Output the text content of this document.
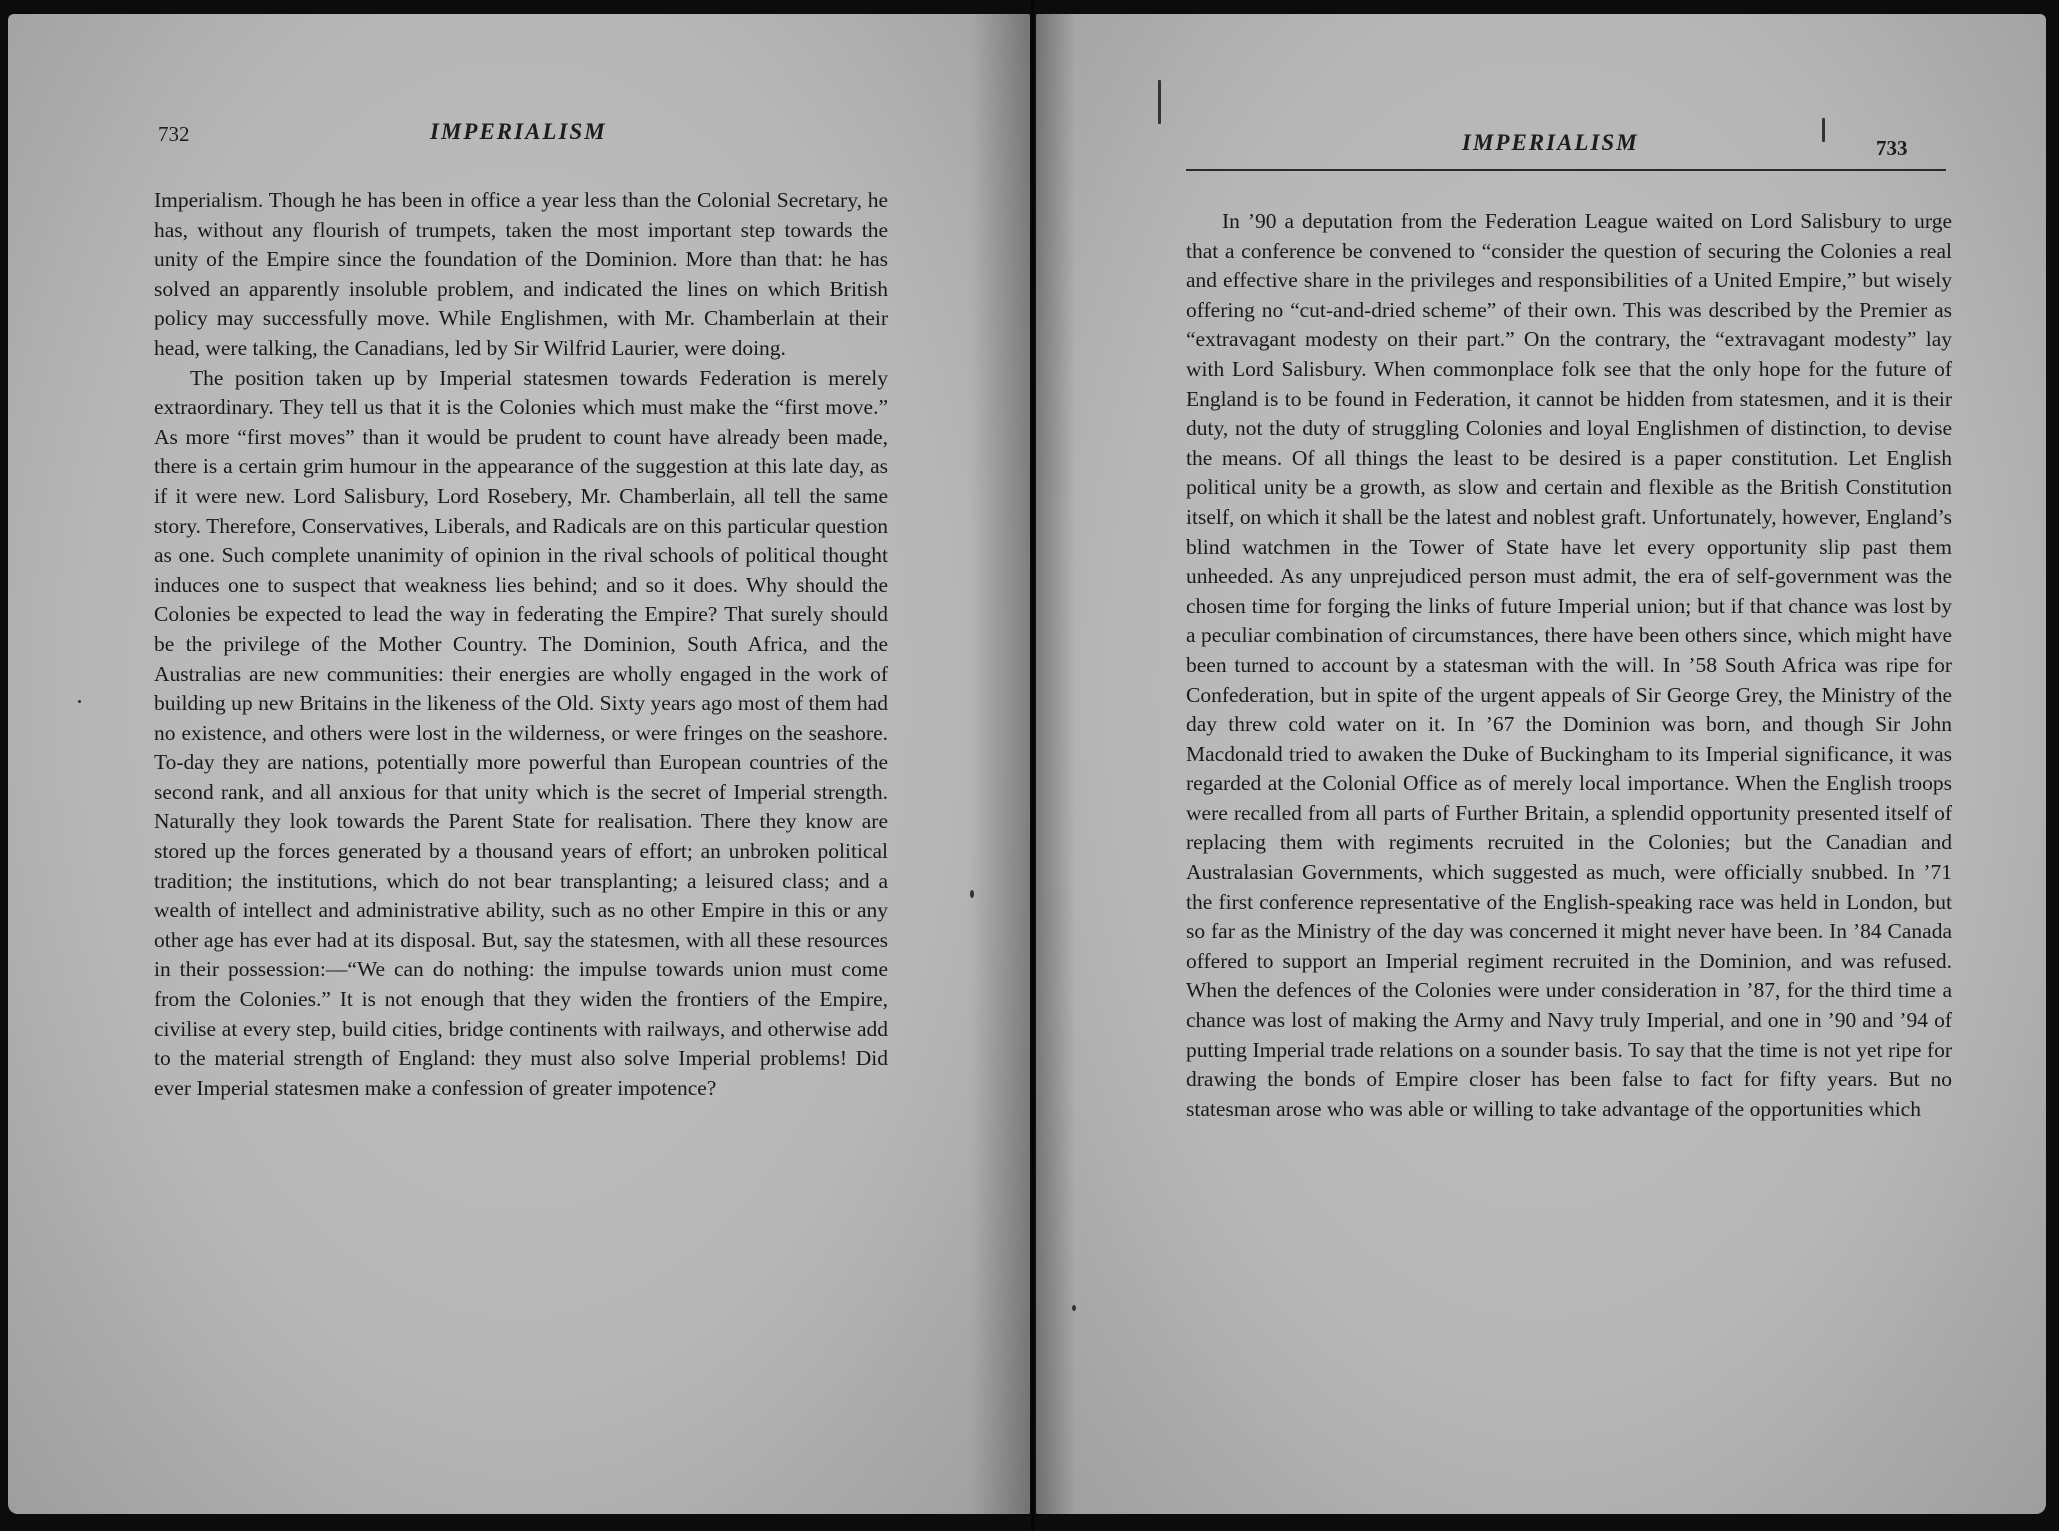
732	IMPERIALISM

Imperialism. Though he has been in office a year less than the Colonial Secretary, he has, without any flourish of trumpets, taken the most important step towards the unity of the Empire since the foundation of the Dominion. More than that: he has solved an apparently insoluble problem, and indicated the lines on which British policy may successfully move. While Englishmen, with Mr. Chamberlain at their head, were talking, the Canadians, led by Sir Wilfrid Laurier, were doing.

The position taken up by Imperial statesmen towards Federation is merely extraordinary. They tell us that it is the Colonies which must make the “first move.” As more “first moves” than it would be prudent to count have already been made, there is a certain grim humour in the appearance of the suggestion at this late day, as if it were new. Lord Salisbury, Lord Rosebery, Mr. Chamberlain, all tell the same story. Therefore, Conservatives, Liberals, and Radicals are on this particular question as one. Such complete unanimity of opinion in the rival schools of political thought induces one to suspect that weakness lies behind; and so it does. Why should the Colonies be expected to lead the way in federating the Empire? That surely should be the privilege of the Mother Country. The Dominion, South Africa, and the Australias are new communities: their energies are wholly engaged in the work of building up new Britains in the likeness of the Old. Sixty years ago most of them had no existence, and others were lost in the wilderness, or were fringes on the seashore. To-day they are nations, potentially more powerful than European countries of the second rank, and all anxious for that unity which is the secret of Imperial strength. Naturally they look towards the Parent State for realisation. There they know are stored up the forces generated by a thousand years of effort; an unbroken political tradition; the institutions, which do not bear transplanting; a leisured class; and a wealth of intellect and administrative ability, such as no other Empire in this or any other age has ever had at its disposal. But, say the statesmen, with all these resources in their possession:—“We can do nothing: the impulse towards union must come from the Colonies.” It is not enough that they widen the frontiers of the Empire, civilise at every step, build cities, bridge continents with railways, and otherwise add to the material strength of England: they must also solve Imperial problems! Did ever Imperial statesmen make a confession of greater impotence?

IMPERIALISM	733

In ’90 a deputation from the Federation League waited on Lord Salisbury to urge that a conference be convened to “consider the question of securing the Colonies a real and effective share in the privileges and responsibilities of a United Empire,” but wisely offering no “cut-and-dried scheme” of their own. This was described by the Premier as “extravagant modesty on their part.” On the contrary, the “extravagant modesty” lay with Lord Salisbury. When commonplace folk see that the only hope for the future of England is to be found in Federation, it cannot be hidden from statesmen, and it is their duty, not the duty of struggling Colonies and loyal Englishmen of distinction, to devise the means. Of all things the least to be desired is a paper constitution. Let English political unity be a growth, as slow and certain and flexible as the British Constitution itself, on which it shall be the latest and noblest graft. Unfortunately, however, England’s blind watchmen in the Tower of State have let every opportunity slip past them unheeded. As any unprejudiced person must admit, the era of self-government was the chosen time for forging the links of future Imperial union; but if that chance was lost by a peculiar combination of circumstances, there have been others since, which might have been turned to account by a statesman with the will. In ’58 South Africa was ripe for Confederation, but in spite of the urgent appeals of Sir George Grey, the Ministry of the day threw cold water on it. In ’67 the Dominion was born, and though Sir John Macdonald tried to awaken the Duke of Buckingham to its Imperial significance, it was regarded at the Colonial Office as of merely local importance. When the English troops were recalled from all parts of Further Britain, a splendid opportunity presented itself of replacing them with regiments recruited in the Colonies; but the Canadian and Australasian Governments, which suggested as much, were officially snubbed. In ’71 the first conference representative of the English-speaking race was held in London, but so far as the Ministry of the day was concerned it might never have been. In ’84 Canada offered to support an Imperial regiment recruited in the Dominion, and was refused. When the defences of the Colonies were under consideration in ’87, for the third time a chance was lost of making the Army and Navy truly Imperial, and one in ’90 and ’94 of putting Imperial trade relations on a sounder basis. To say that the time is not yet ripe for drawing the bonds of Empire closer has been false to fact for fifty years. But no statesman arose who was able or willing to take advantage of the opportunities which
